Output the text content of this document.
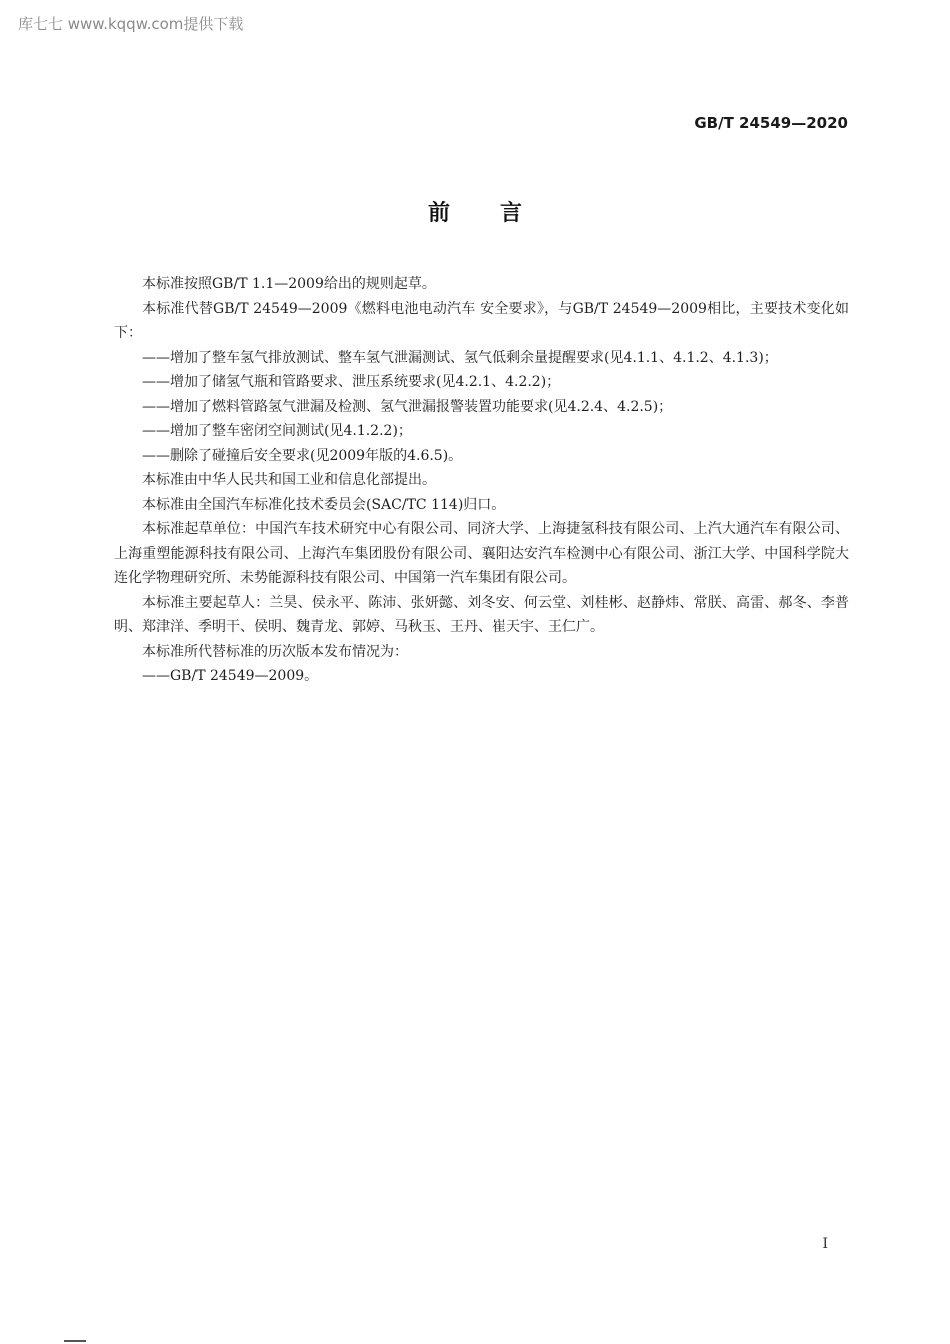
库七七 www.kqqw.com提供下载
GB/T 24549—2020
前言

本标准按照GB/T 1.1—2009给出的规则起草。

本标准代替GB/T 24549—2009《燃料电池电动汽车 安全要求》，与GB/T 24549—2009相比，主要技术变化如下：

——增加了整车氢气排放测试、整车氢气泄漏测试、氢气低剩余量提醒要求(见4.1.1、4.1.2、4.1.3)；

——增加了储氢气瓶和管路要求、泄压系统要求(见4.2.1、4.2.2)；

——增加了燃料管路氢气泄漏及检测、氢气泄漏报警装置功能要求(见4.2.4、4.2.5)；

——增加了整车密闭空间测试(见4.1.2.2)；

——删除了碰撞后安全要求(见2009年版的4.6.5)。

本标准由中华人民共和国工业和信息化部提出。

本标准由全国汽车标准化技术委员会(SAC/TC 114)归口。

本标准起草单位：中国汽车技术研究中心有限公司、同济大学、上海捷氢科技有限公司、上汽大通汽车有限公司、上海重塑能源科技有限公司、上海汽车集团股份有限公司、襄阳达安汽车检测中心有限公司、浙江大学、中国科学院大连化学物理研究所、未势能源科技有限公司、中国第一汽车集团有限公司。

本标准主要起草人：兰昊、侯永平、陈沛、张妍懿、刘冬安、何云堂、刘桂彬、赵静炜、常朕、高雷、郝冬、李普明、郑津洋、季明干、侯明、魏青龙、郭婷、马秋玉、王丹、崔天宇、王仁广。

本标准所代替标准的历次版本发布情况为：

——GB/T 24549—2009。

I
